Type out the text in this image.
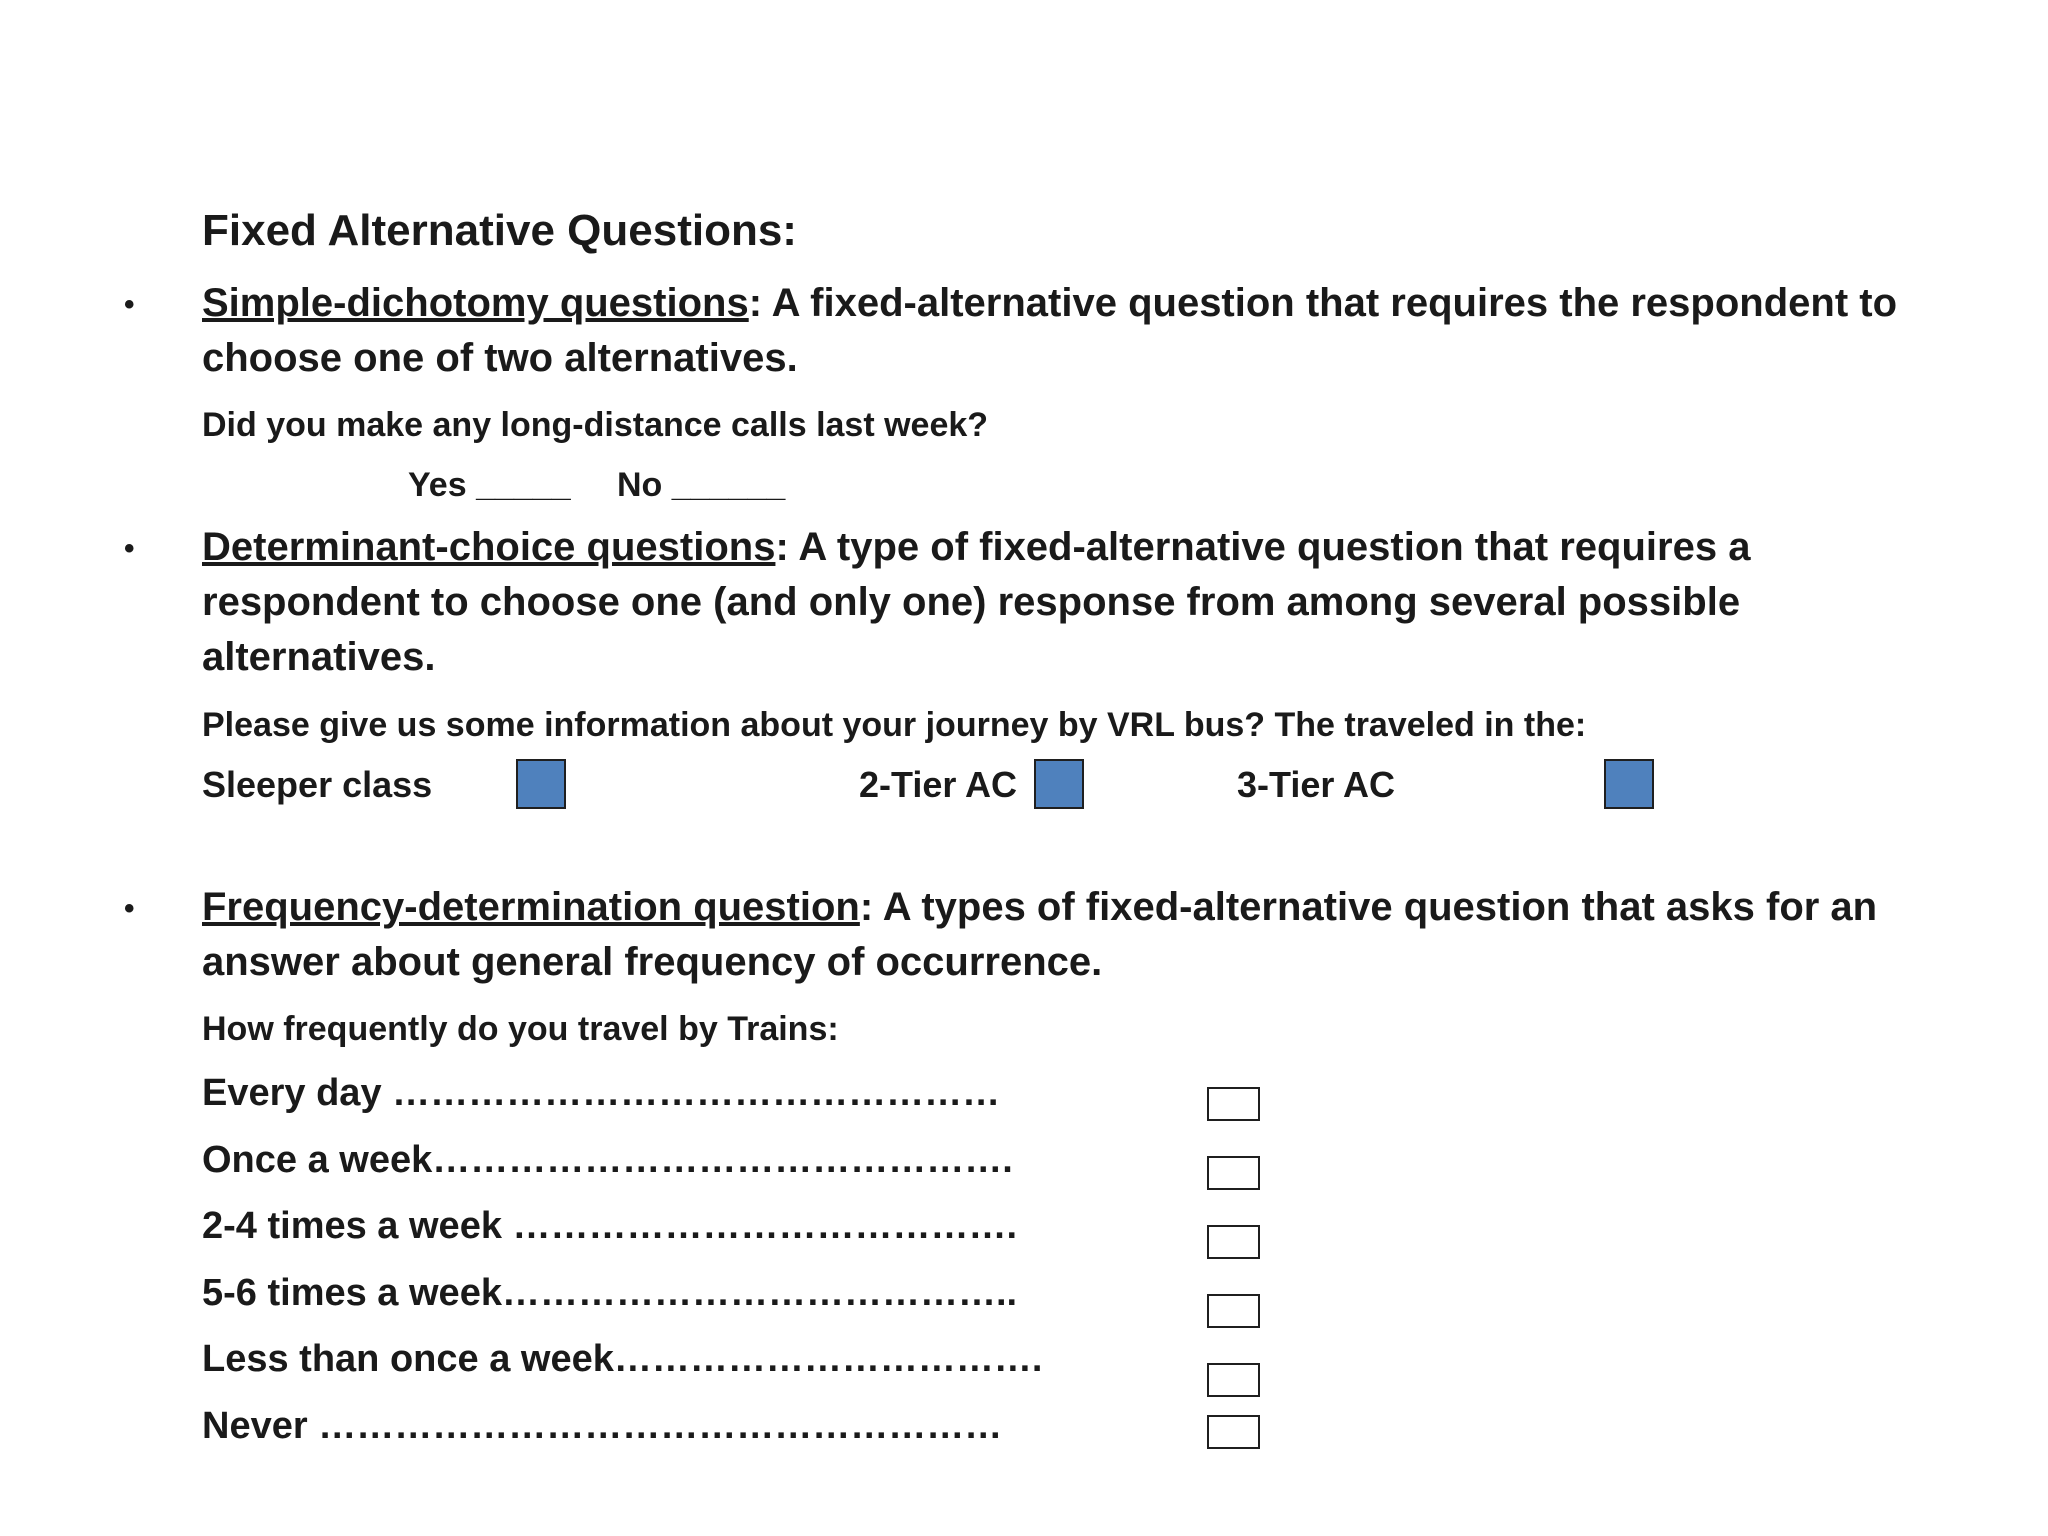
Fixed Alternative Questions:
• Simple-dichotomy questions: A fixed-alternative question that requires the respondent to choose one of two alternatives.
Did you make any long-distance calls last week?
Yes _____ No ______
• Determinant-choice questions: A type of fixed-alternative question that requires a respondent to choose one (and only one) response from among several possible alternatives.
Please give us some information about your journey by VRL bus? The traveled in the:
Sleeper class	2-Tier AC	3-Tier AC
• Frequency-determination question: A types of fixed-alternative question that asks for an answer about general frequency of occurrence.
How frequently do you travel by Trains:
Every day …………………………………………
Once a week……………………………………….
2-4 times a week ………………………………….
5-6 times a week…………………………………..
Less than once a week…………………………….
Never ………………………………………………
